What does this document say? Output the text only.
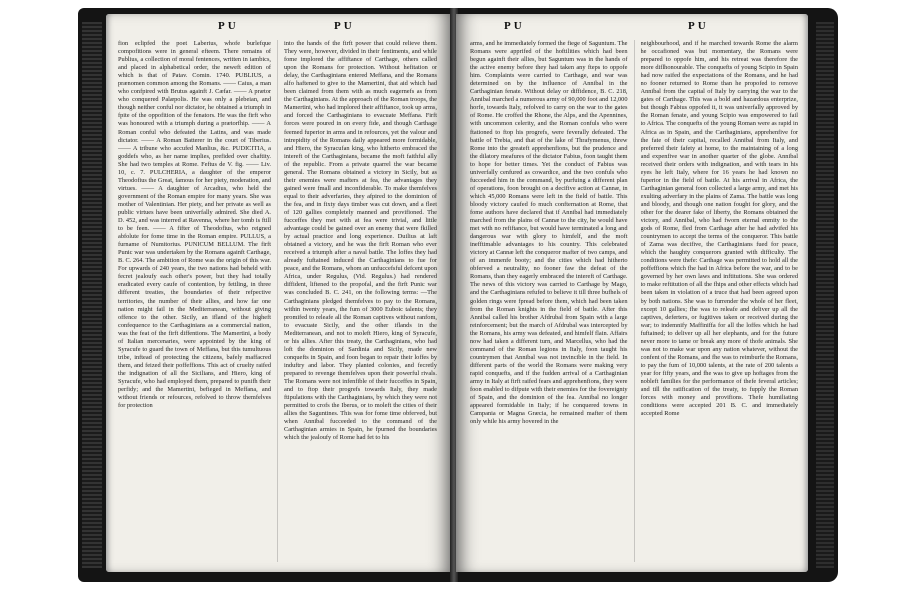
PU	PU

fion eclipfed the poet Laberius, whofe burlefque compofitions were in general efteem. There remains of Publius, a collection of moral fentences, written in iambics, and placed in alphabetical order, the neweft edition of which is that of Patav. Comin. 1740. PUBLIUS, a prænomen common among the Romans. —— Caius, a man who confpired with Brutus againft J. Cæfar. —— A prætor who conquered Palæpolis. He was only a plebeian, and though neither conful nor dictator, he obtained a triumph in fpite of the oppofition of the fenators. He was the firft who was honoured with a triumph during a prætorfhip. —— A Roman conful who defeated the Latins, and was made dictator. —— A Roman Batterer in the court of Tiberius. —— A tribune who accufed Manlius, &c. PUDICITIA, a goddefs who, as her name implies, prefided over chaftity. She had two temples at Rome. Feftus de V. fig. —— Liv. 10, c. 7. PULCHERIA, a daughter of the emperor Theodofius the Great, famous for her piety, moderation, and virtues. —— A daughter of Arcadius, who held the government of the Roman empire for many years. She was mother of Valentinian. Her piety, and her private as well as public virtues have been univerfally admired. She died A. D. 452, and was interred at Ravenna, where her tomb is ftill to be feen. —— A fifter of Theodofius, who reigned abfolute for fome time in the Roman empire. PULLUS, a furname of Numitorius. PUNICUM BELLUM. The firft Punic war was undertaken by the Romans againft Carthage, B. C. 264. The ambition of Rome was the origin of this war. For upwards of 240 years, the two nations had beheld with fecret jealoufy each other's power, but they had totally eradicated every caufe of contention, by fettling, in three different treaties, the boundaries of their refpective territories, the number of their allies, and how far one nation might fail in the Mediterranean, without giving offence to the other. Sicily, an ifland of the higheft confequence to the Carthaginians as a commercial nation, was the feat of the firft diffentions. The Mamertini, a body of Italian mercenaries, were appointed by the king of Syracufe to guard the town of Meffana, but this tumultuous tribe, inftead of protecting the citizens, bafely maffacred them, and feized their poffeffions. This act of cruelty raifed the indignation of all the Sicilians, and Hiero, king of Syracufe, who had employed them, prepared to punifh their perfidy; and the Mamertini, befieged in Meffana, and without friends or refources, refolved to throw themfelves for protection

into the hands of the firft power that could relieve them. They were, however, divided in their fentiments, and while fome implored the affiftance of Carthage, others called upon the Romans for protection. Without hefitation or delay, the Carthaginians entered Meffana, and the Romans alfo haftened to give to the Mamertini, that aid which had been claimed from them with as much eagernefs as from the Carthaginians. At the approach of the Roman troops, the Mamertini, who had implored their affiftance, took up arms, and forced the Carthaginians to evacuate Meffana. Firft forces were poured in on every fide, and though Carthage feemed fuperior in arms and in refources, yet the valour and intrepidity of the Romans daily appeared more formidable, and Hiero, the Syracufan king, who hitherto embraced the intereft of the Carthaginians, became the moft faithful ally of the republic. From a private quarrel the war became general. The Romans obtained a victory in Sicily, but as their enemies were mafters at fea, the advantages they gained were fmall and inconfiderable. To make themfelves equal to their adverfaries, they afpired to the dominion of the fea, and in fixty days timber was cut down, and a fleet of 120 gallies completely manned and provifioned. The fucceffes they met with at fea were trivial, and little advantage could be gained over an enemy that were fkilled by actual practice and long experience. Duilius at laft obtained a victory, and he was the firft Roman who ever received a triumph after a naval battle. The loffes they had already fuftained induced the Carthaginians to fue for peace, and the Romans, whom an unfuccefsful defcent upon Africa, under Regulus, (Vid. Regulus.) had rendered diffident, liftened to the propofal, and the firft Punic war was concluded B. C. 241, on the following terms: —The Carthaginians pledged themfelves to pay to the Romans, within twenty years, the fum of 3000 Euboic talents; they promifed to releafe all the Roman captives without ranfom, to evacuate Sicily, and the other iflands in the Mediterranean, and not to moleft Hiero, king of Syracufe, or his allies. After this treaty, the Carthaginians, who had loft the dominion of Sardinia and Sicily, made new conquefts in Spain, and foon began to repair their loffes by induftry and labor. They planted colonies, and fecretly prepared to revenge themfelves upon their powerful rivals. The Romans were not infenfible of their fucceffes in Spain, and to ftop their progrefs towards Italy, they made ftipulations with the Carthaginians, by which they were not permitted to crofs the Iberus, or to moleft the cities of their allies the Saguntines. This was for fome time obferved, but when Annibal fucceeded to the command of the Carthaginian armies in Spain, he fpurned the boundaries which the jealoufy of Rome had fet to his

PU	PU

arms, and he immediately formed the fiege of Saguntum. The Romans were apprifed of the hoftilities which had been begun againft their allies, but Saguntum was in the hands of the active enemy before they had taken any fteps to oppofe him. Complaints were carried to Carthage, and war was determined on by the influence of Annibal in the Carthaginian fenate. Without delay or diffidence, B. C. 218, Annibal marched a numerous army of 90,000 foot and 12,000 horfe, towards Italy, refolved to carry on the war to the gates of Rome. He croffed the Rhone, the Alps, and the Apennines, with uncommon celerity, and the Roman confuls who were ftationed to ftop his progrefs, were feverally defeated. The battle of Trebia, and that of the lake of Thrafymenus, threw Rome into the greateft apprehenfions, but the prudence and the dilatory meafures of the dictator Fabius, foon taught them to hope for better times. Yet the conduct of Fabius was univerfally cenfured as cowardice, and the two confuls who fucceeded him in the command, by purfuing a different plan of operations, foon brought on a decifive action at Cannæ, in which 45,000 Romans were left in the field of battle. This bloody victory caufed fo much confternation at Rome, that fome authors have declared that if Annibal had immediately marched from the plains of Cannæ to the city, he would have met with no refiftance, but would have terminated a long and dangerous war with glory to himfelf, and the moft inefftimable advantages to his country. This celebrated victory at Cannæ left the conqueror mafter of two camps, and of an immenfe booty; and the cities which had hitherto obferved a neutrality, no fooner faw the defeat of the Romans, than they eagerly embraced the intereft of Carthage. The news of this victory was carried to Carthage by Mago, and the Carthaginians refufed to believe it till three bufhels of golden rings were fpread before them, which had been taken from the Roman knights in the field of battle. After this Annibal called his brother Afdrubal from Spain with a large reinforcement; but the march of Afdrubal was intercepted by the Romans, his army was defeated, and himfelf flain. Affairs now had taken a different turn, and Marcellus, who had the command of the Roman legions in Italy, foon taught his countrymen that Annibal was not invincible in the field. In different parts of the world the Romans were making very rapid conquefts, and if the fudden arrival of a Carthaginian army in Italy at firft raifed fears and apprehenfions, they were foon enabled to difpute with their enemies for the fovereignty of Spain, and the dominion of the fea. Annibal no longer appeared formidable in Italy; if he conquered towns in Campania or Magna Græcia, he remained mafter of them only while his army hovered in the

neighbourhood, and if he marched towards Rome the alarm he occafioned was but momentary, the Romans were prepared to oppofe him, and his retreat was therefore the more diflhonourable. The conquefts of young Scipio in Spain had now raifed the expectations of the Romans, and he had no fooner returned to Rome than he propofed to remove Annibal from the capital of Italy by carrying the war to the gates of Carthage. This was a bold and hazardous enterprize, but though Fabius oppofed it, it was univerfally approved by the Roman fenate, and young Scipio was empowered to fail to Africa. The conquefts of the young Roman were as rapid in Africa as in Spain, and the Carthaginians, apprehenfive for the fate of their capital, recalled Annibal from Italy, and preferred their fafety at home, to the maintaining of a long and expenfive war in another quarter of the globe. Annibal received their orders with indignation, and with tears in his eyes he left Italy, where for 16 years he had known no fuperior in the field of battle. At his arrival in Africa, the Carthaginian general foon collected a large army, and met his exulting adverfary in the plains of Zama. The battle was long and bloody, and though one nation fought for glory, and the other for the dearer fake of liberty, the Romans obtained the victory, and Annibal, who had fworn eternal enmity to the gods of Rome, fled from Carthage after he had advifed his countrymen to accept the terms of the conqueror. This battle of Zama was decifive, the Carthaginians fued for peace, which the haughty conquerors granted with difficulty. The conditions were thefe: Carthage was permitted to hold all the poffeffions which fhe had in Africa before the war, and to be governed by her own laws and inftitutions. She was ordered to make reftitution of all the fhips and other effects which had been taken in violation of a truce that had been agreed upon by both nations. She was to furrender the whole of her fleet, except 10 gallies; fhe was to releafe and deliver up all the captives, deferters, or fugitives taken or received during the war; to indemnify Maffiniffa for all the loffes which he had fuftained; to deliver up all her elephants, and for the future never more to tame or break any more of thofe animals. She was not to make war upon any nation whatever, without the confent of the Romans, and fhe was to reimburfe the Romans, to pay the fum of 10,000 talents, at the rate of 200 talents a year for fifty years, and fhe was to give up hoftages from the nobleft families for the performance of thefe feveral articles; and till the ratification of the treaty, to fupply the Roman forces with money and provifions. Thefe humiliating conditions were accepted 201 B. C. and immediately accepted Rome
